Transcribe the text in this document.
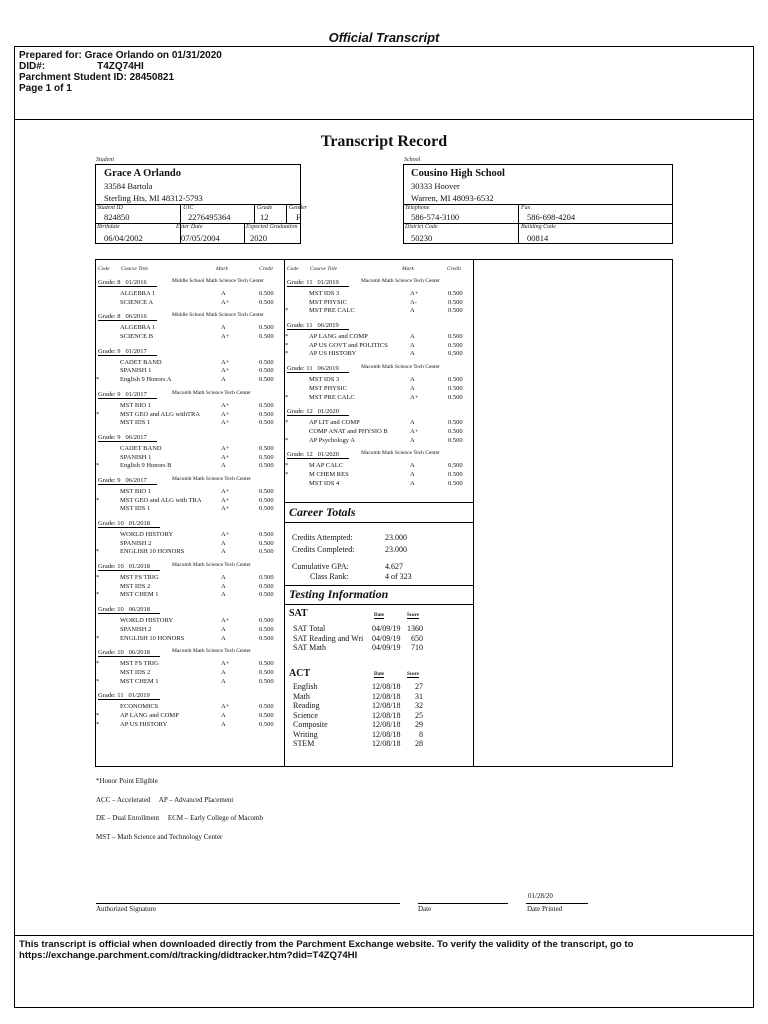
Official Transcript
Prepared for: Grace Orlando on 01/31/2020
DID#:	T4ZQ74HI
Parchment Student ID: 28450821
Page 1 of 1
Transcript Record
Student
Grace A Orlando
33584 Bartola
Sterling Hts, MI 48312-5793
Student ID
824850
UIC
2276495364
Grade
12
Gender
F
Birthdate
06/04/2002
Enter Date
07/05/2004
Expected Graduation
2020
School
Cousino High School
30333 Hoover
Warren, MI 48093-6532
Telephone
586-574-3100
Fax
586-698-4204
District Code
50230
Building Code
00814
Code Course Title	Mark	Credit	Code Course Title	Mark	Credit
Grade: 8 01/2016	Middle School Math Science Tech Center
ALGEBRA 1	A	0.500
SCIENCE A	A+	0.500
Grade: 8 06/2016	Middle School Math Science Tech Center
ALGEBRA 1	A	0.500
SCIENCE B	A+	0.500
Grade: 9 01/2017
CADET BAND	A+	0.500
SPANISH 1	A+	0.500
*	English 9 Honors A	A	0.500
Grade: 9 01/2017	Macomb Math Science Tech Center
MST BIO 1	A+	0.500
*	MST GEO and ALG withTRA	A+	0.500
MST IDS 1	A+	0.500
Grade: 9 06/2017
CADET BAND	A+	0.500
SPANISH 1	A+	0.500
*	English 9 Honors B	A	0.500
Grade: 9 06/2017	Macomb Math Science Tech Center
MST BIO 1	A+	0.500
*	MST GEO and ALG with TRA	A+	0.500
MST IDS 1	A+	0.500
Grade: 10 01/2018
WORLD HISTORY	A+	0.500
SPANISH 2	A	0.500
*	ENGLISH 10 HONORS	A	0.500
Grade: 10 01/2018	Macomb Math Science Tech Center
*	MST FS TRIG	A	0.500
MST IDS 2	A	0.500
*	MST CHEM 1	A	0.500
Grade: 10 06/2018
WORLD HISTORY	A+	0.500
SPANISH 2	A	0.500
*	ENGLISH 10 HONORS	A	0.500
Grade: 10 06/2018	Macomb Math Science Tech Center
*	MST FS TRIG	A+	0.500
MST IDS 2	A	0.500
*	MST CHEM 1	A	0.500
Grade: 11 01/2019
ECONOMICS	A+	0.500
*	AP LANG and COMP	A	0.500
*	AP US HISTORY	A	0.500
Grade: 11 01/2019	Macomb Math Science Tech Center
MST IDS 3	A+	0.500
MST PHYSIC	A-	0.500
*	MST PRE CALC	A	0.500
Grade: 11 06/2019
*	AP LANG and COMP	A	0.500
*	AP US GOVT and POLITICS	A	0.500
*	AP US HISTORY	A	0.500
Grade: 11 06/2019	Macomb Math Science Tech Center
MST IDS 3	A	0.500
MST PHYSIC	A	0.500
*	MST PRE CALC	A+	0.500
Grade: 12 01/2020
*	AP LIT and COMP	A	0.500
COMP ANAT and PHYSIO B	A+	0.500
*	AP Psychology A	A	0.500
Grade: 12 01/2020	Macomb Math Science Tech Center
*	M AP CALC	A	0.500
*	M CHEM RES	A	0.500
MST IDS 4	A	0.500
Career Totals
Credits Attempted:	23.000
Credits Completed:	23.000
Cumulative GPA:	4.627
Class Rank:	4 of 323
Testing Information
SAT	Date	Score
SAT Total	04/09/19 1360
SAT Reading and Wri 04/09/19	650
SAT Math	04/09/19	710
ACT	Date	Score
English	12/08/18	27
Math	12/08/18	31
Reading	12/08/18	32
Science	12/08/18	25
Composite	12/08/18	29
Writing	12/08/18	8
STEM	12/08/18	28
*Honor Point Eligible
ACC – Accelerated     AP – Advanced Placement
DE – Dual Enrollment     ECM – Early College of Macomb
MST – Math Science and Technology Center
Authorized Signature	Date
01/28/20
Date Printed
This transcript is official when downloaded directly from the Parchment Exchange website. To verify the validity of the transcript, go to
https://exchange.parchment.com/d/tracking/didtracker.htm?did=T4ZQ74HI
